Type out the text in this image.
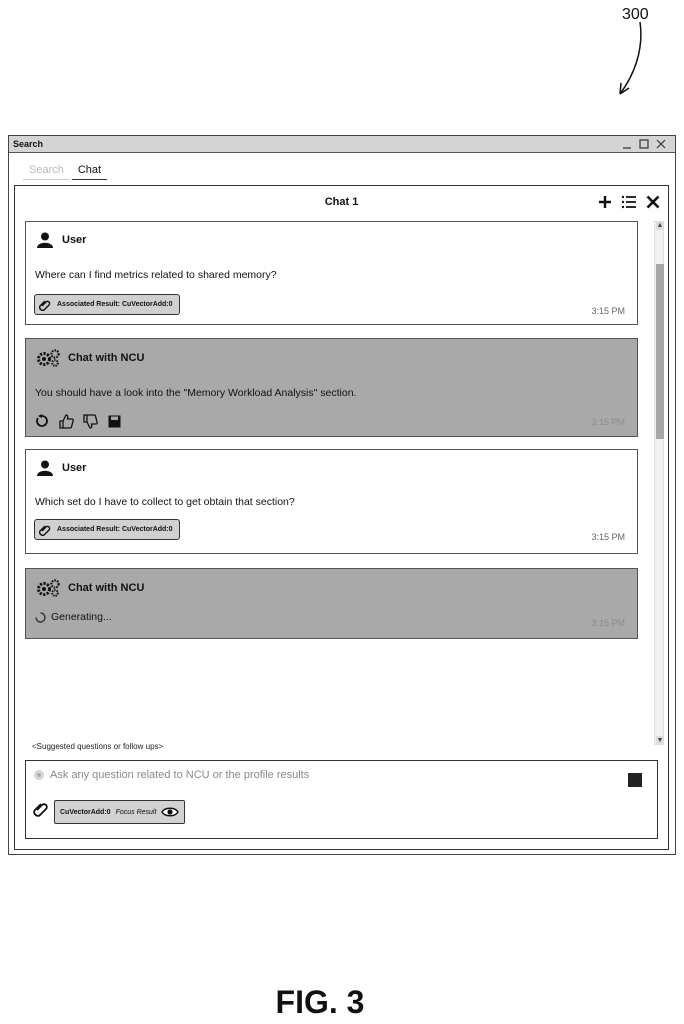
300
Search
Search	Chat
Chat 1
User
Where can I find metrics related to shared memory?
Associated Result: CuVectorAdd:0
3:15 PM
Chat with NCU
You should have a look into the "Memory Workload Analysis" section.
3:15 PM
User
Which set do I have to collect to get obtain that section?
Associated Result: CuVectorAdd:0
3:15 PM
Chat with NCU
Generating...	3:15 PM
▲
▼
<Suggested questions or follow ups>
Ask any question related to NCU or the profile results
CuVectorAdd:0 Focus Result
FIG. 3
